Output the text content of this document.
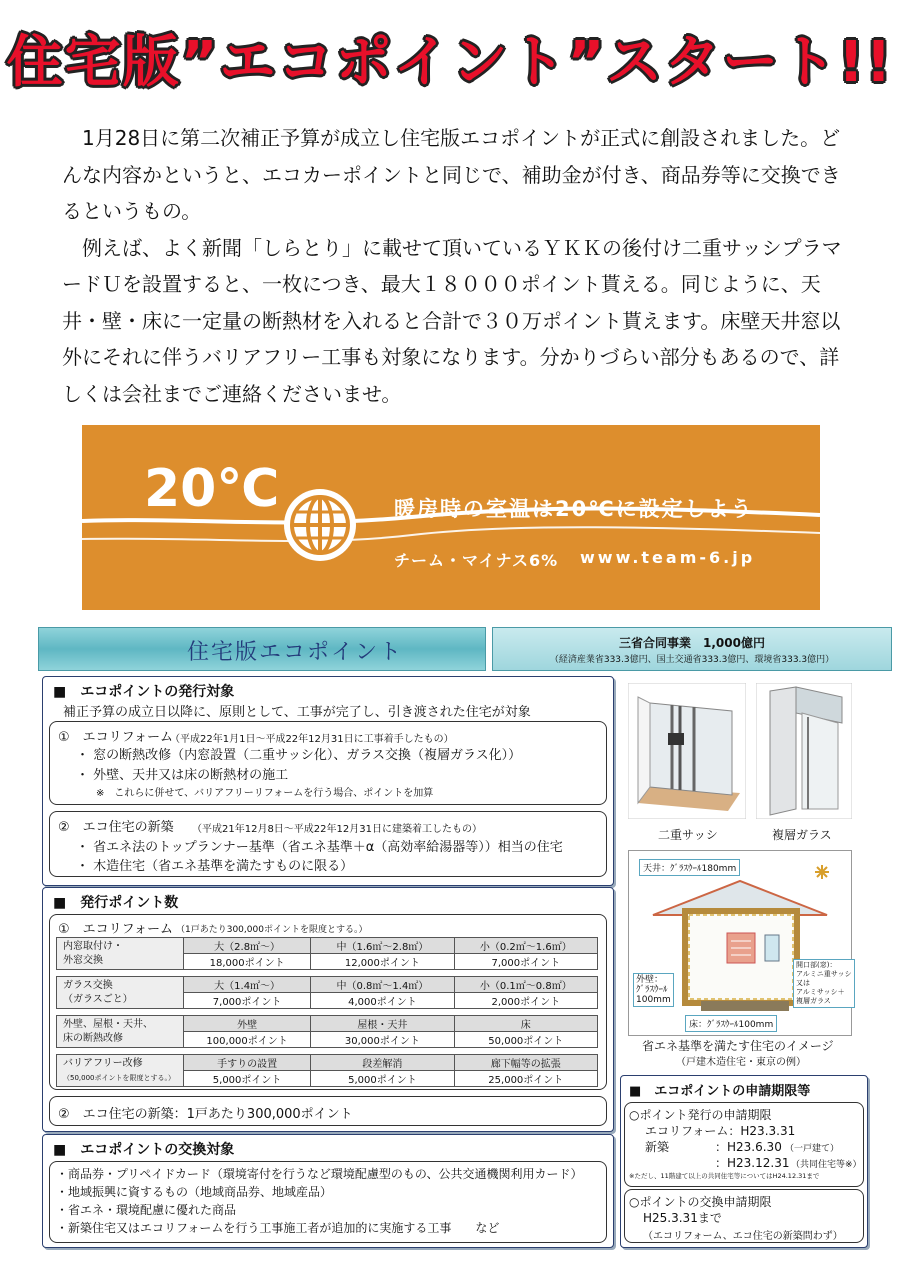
住宅版”エコポイント”スタート!!

1月28日に第二次補正予算が成立し住宅版エコポイントが正式に創設されました。どんな内容かというと、エコカーポイントと同じで、補助金が付き、商品券等に交換できるというもの。

例えば、よく新聞「しらとり」に載せて頂いているＹＫＫの後付け二重サッシプラマードＵを設置すると、一枚につき、最大１８０００ポイント貰える。同じように、天井・壁・床に一定量の断熱材を入れると合計で３０万ポイント貰えます。床壁天井窓以外にそれに伴うバリアフリー工事も対象になります。分かりづらい部分もあるので、詳しくは会社までご連絡くださいませ。

20℃	暖房時の室温は20℃に設定しよう
チーム・マイナス6% www.team-6.jp
住宅版エコポイント	三省合同事業　1,000億円
（経済産業省333.3億円、国土交通省333.3億円、環境省333.3億円）
■　エコポイントの発行対象
補正予算の成立日以降に、原則として、工事が完了し、引き渡された住宅が対象
①　エコリフォーム
（平成22年1月1日～平成22年12月31日に工事着手したもの）
・ 窓の断熱改修（内窓設置（二重サッシ化）、ガラス交換（複層ガラス化））
・ 外壁、天井又は床の断熱材の施工
※　これらに併せて、バリアフリーリフォームを行う場合、ポイントを加算
②　エコ住宅の新築 （平成21年12月8日～平成22年12月31日に建築着工したもの）
・ 省エネ法のトップランナー基準（省エネ基準＋α（高効率給湯器等））相当の住宅
・ 木造住宅（省エネ基準を満たすものに限る）
■　発行ポイント数
①　エコリフォーム （1戸あたり300,000ポイントを限度とする。）
内窓取付け・
外窓交換	大（2.8㎡～）	中（1.6㎡～2.8㎡）	小（0.2㎡～1.6㎡）
	18,000ポイント	12,000ポイント	7,000ポイント

ガラス交換
（ガラスごと）	大（1.4㎡～）	中（0.8㎡～1.4㎡）	小（0.1㎡～0.8㎡）
	7,000ポイント	4,000ポイント	2,000ポイント

外壁、屋根・天井、
床の断熱改修	外壁	屋根・天井	床
	100,000ポイント	30,000ポイント	50,000ポイント

バリアフリー改修
（50,000ポイントを限度とする。）	手すりの設置	段差解消	廊下幅等の拡張
	5,000ポイント	5,000ポイント	25,000ポイント
②　エコ住宅の新築：1戸あたり300,000ポイント
■　エコポイントの交換対象
・商品券・プリペイドカード（環境寄付を行うなど環境配慮型のもの、公共交通機関利用カード）
・地域振興に資するもの（地域商品券、地域産品）
・省エネ・環境配慮に優れた商品
・新築住宅又はエコリフォームを行う工事施工者が追加的に実施する工事　　など
二重サッシ	複層ガラス
天井：ｸﾞﾗｽｳｰﾙ180mm
外壁：
ｸﾞﾗｽｳｰﾙ
100mm
床：ｸﾞﾗｽｳｰﾙ100mm
開口部(窓)：
アルミニ重サッシ
又は
アルミサッシ＋
複層ガラス
省エネ基準を満たす住宅のイメージ
（戸建木造住宅・東京の例）
■　エコポイントの申請期限等
○ポイント発行の申請期限
エコリフォーム：H23.3.31
新築	：H23.6.30 （一戸建て）
：H23.12.31 （共同住宅等※）
※ただし、11階建て以上の共同住宅等についてはH24.12.31まで
○ポイントの交換申請期限
H25.3.31まで
（エコリフォーム、エコ住宅の新築問わず）
